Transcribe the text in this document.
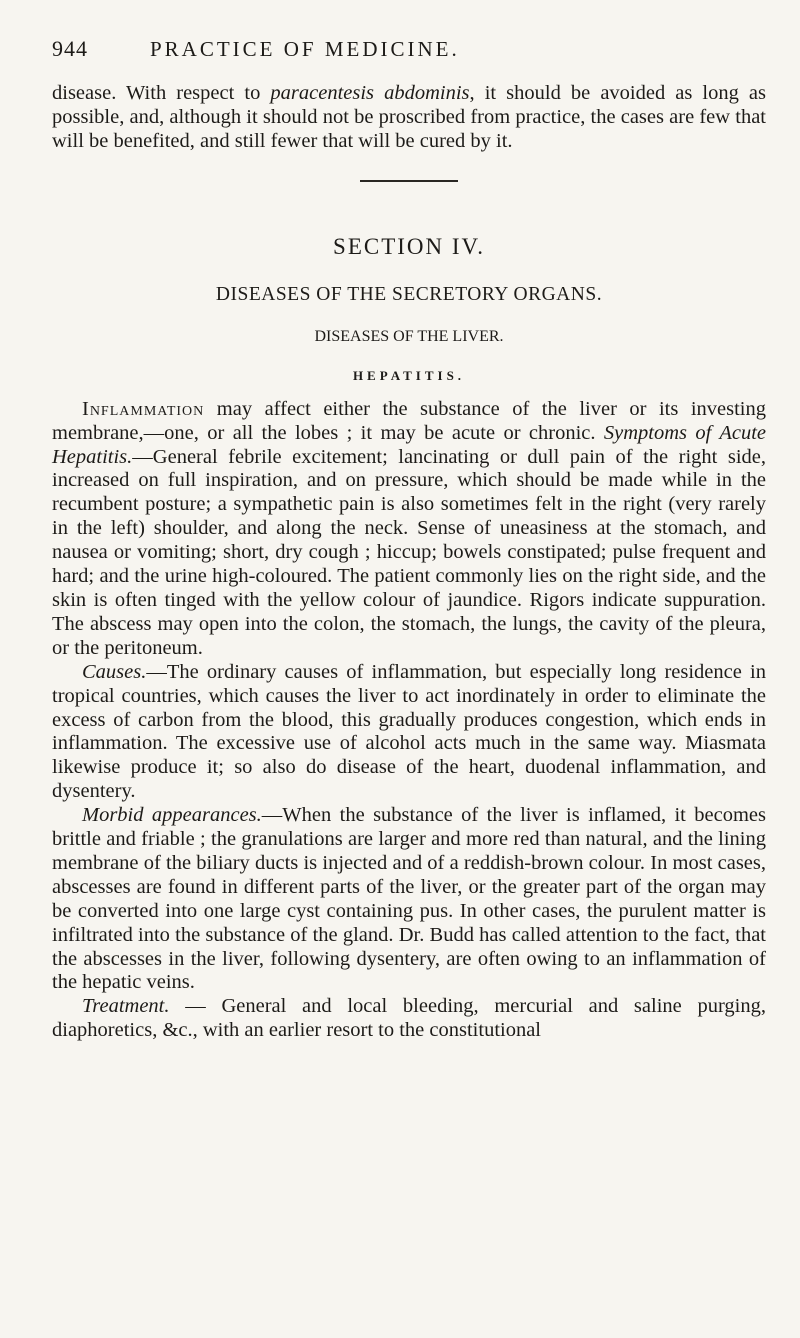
944	PRACTICE OF MEDICINE.

disease. With respect to paracentesis abdominis, it should be avoided as long as possible, and, although it should not be proscribed from practice, the cases are few that will be benefited, and still fewer that will be cured by it.

SECTION IV.
DISEASES OF THE SECRETORY ORGANS.
DISEASES OF THE LIVER.
HEPATITIS.

Inflammation may affect either the substance of the liver or its investing membrane,—one, or all the lobes ; it may be acute or chronic. Symptoms of Acute Hepatitis.—General febrile excitement; lancinating or dull pain of the right side, increased on full inspiration, and on pressure, which should be made while in the recumbent posture; a sympathetic pain is also sometimes felt in the right (very rarely in the left) shoulder, and along the neck. Sense of uneasiness at the stomach, and nausea or vomiting; short, dry cough ; hiccup; bowels constipated; pulse frequent and hard; and the urine high-coloured. The patient commonly lies on the right side, and the skin is often tinged with the yellow colour of jaundice. Rigors indicate suppuration. The abscess may open into the colon, the stomach, the lungs, the cavity of the pleura, or the peritoneum.

Causes.—The ordinary causes of inflammation, but especially long residence in tropical countries, which causes the liver to act inordinately in order to eliminate the excess of carbon from the blood, this gradually produces congestion, which ends in inflammation. The excessive use of alcohol acts much in the same way. Miasmata likewise produce it; so also do disease of the heart, duodenal inflammation, and dysentery.

Morbid appearances.—When the substance of the liver is inflamed, it becomes brittle and friable ; the granulations are larger and more red than natural, and the lining membrane of the biliary ducts is injected and of a reddish-brown colour. In most cases, abscesses are found in different parts of the liver, or the greater part of the organ may be converted into one large cyst containing pus. In other cases, the purulent matter is infiltrated into the substance of the gland. Dr. Budd has called attention to the fact, that the abscesses in the liver, following dysentery, are often owing to an inflammation of the hepatic veins.

Treatment. — General and local bleeding, mercurial and saline purging, diaphoretics, &c., with an earlier resort to the constitutional
